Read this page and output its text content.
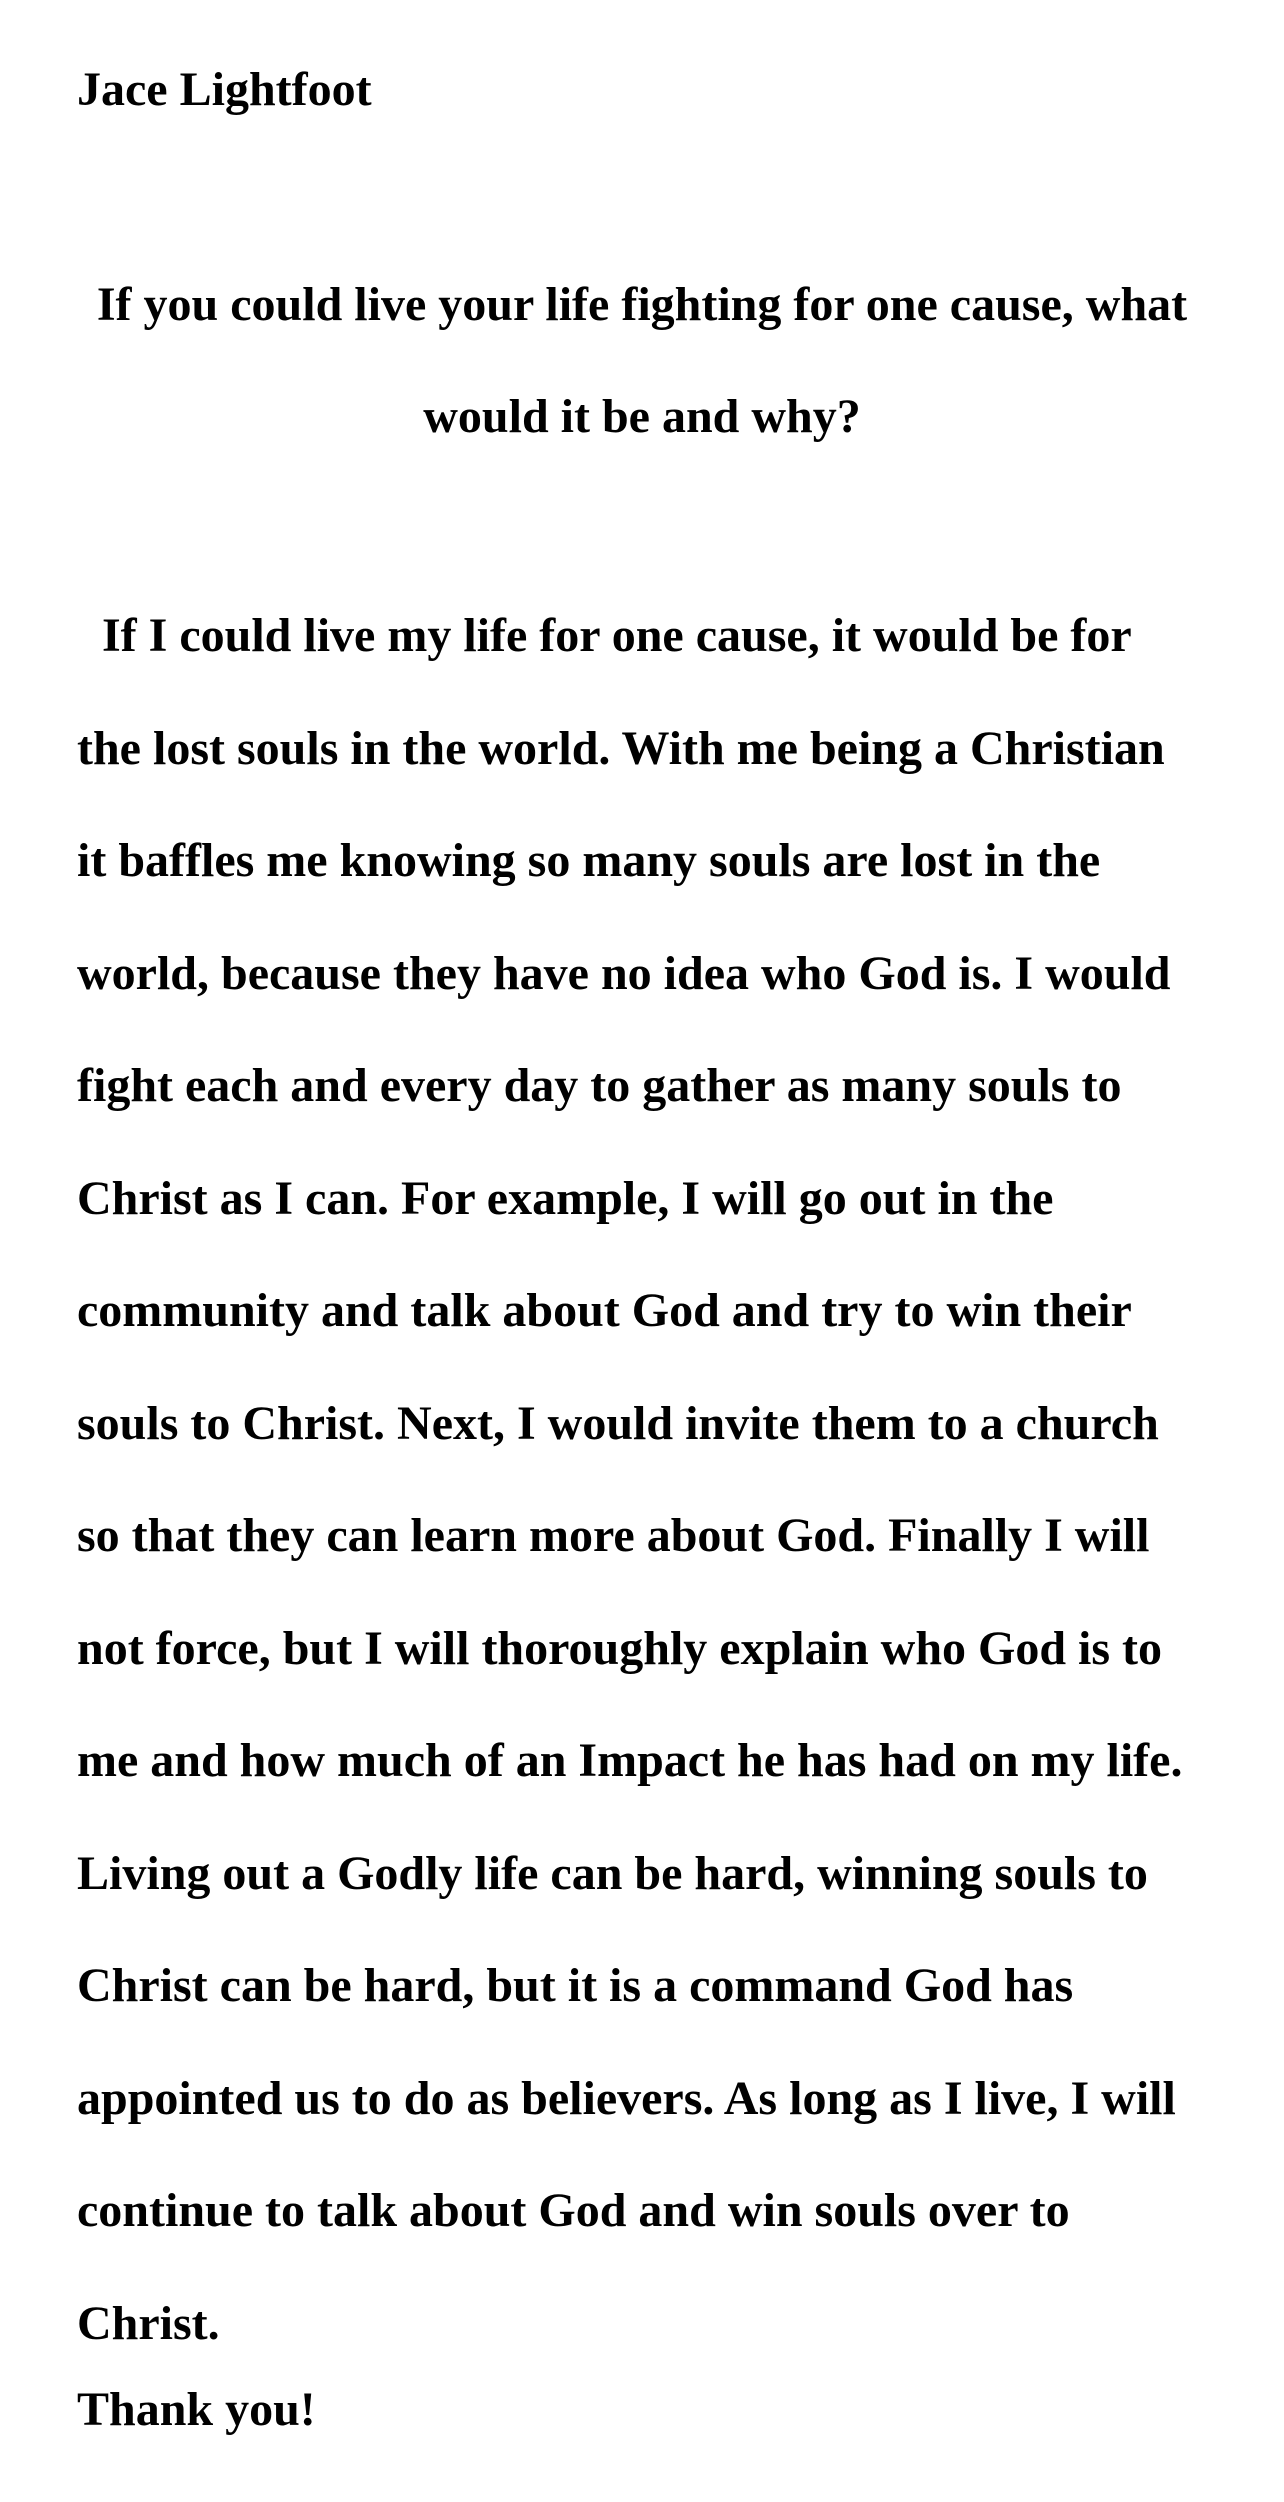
Jace Lightfoot

If you could live your life fighting for one cause, what
would it be and why?

If I could live my life for one cause, it would be for
the lost souls in the world. With me being a Christian
it baffles me knowing so many souls are lost in the
world, because they have no idea who God is. I would
fight each and every day to gather as many souls to
Christ as I can. For example, I will go out in the
community and talk about God and try to win their
souls to Christ. Next, I would invite them to a church
so that they can learn more about God. Finally I will
not force, but I will thoroughly explain who God is to
me and how much of an Impact he has had on my life.
Living out a Godly life can be hard, winning souls to
Christ can be hard, but it is a command God has
appointed us to do as believers. As long as I live, I will
continue to talk about God and win souls over to
Christ.

Thank you!
